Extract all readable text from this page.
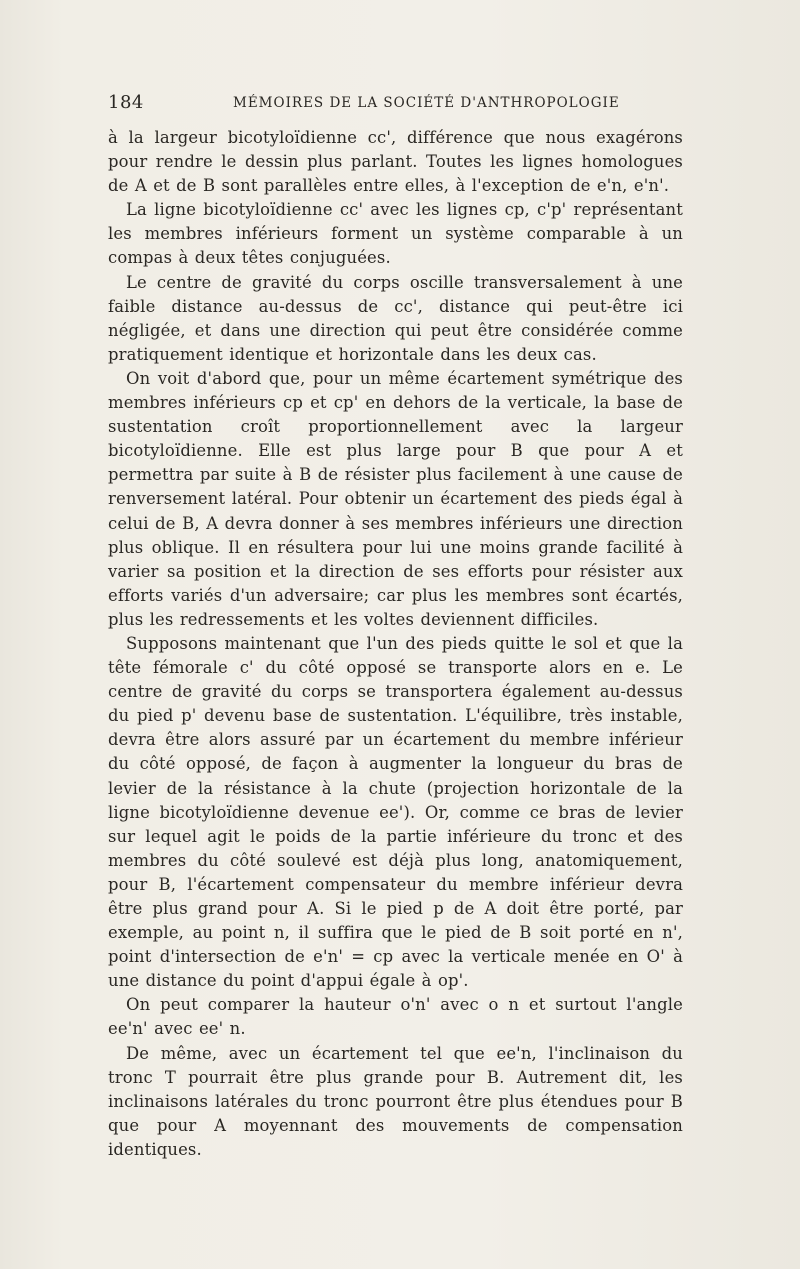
184	MÉMOIRES DE LA SOCIÉTÉ D'ANTHROPOLOGIE

à la largeur bicotyloïdienne cc', différence que nous exagérons pour rendre le dessin plus parlant. Toutes les lignes homologues de A et de B sont parallèles entre elles, à l'exception de e'n, e'n'.

La ligne bicotyloïdienne cc' avec les lignes cp, c'p' représentant les membres inférieurs forment un système comparable à un compas à deux têtes conjuguées.

Le centre de gravité du corps oscille transversalement à une faible distance au-dessus de cc', distance qui peut-être ici négligée, et dans une direction qui peut être considérée comme pratiquement identique et horizontale dans les deux cas.

On voit d'abord que, pour un même écartement symétrique des membres inférieurs cp et cp' en dehors de la verticale, la base de sustentation croît proportionnellement avec la largeur bicotyloïdienne. Elle est plus large pour B que pour A et permettra par suite à B de résister plus facilement à une cause de renversement latéral. Pour obtenir un écartement des pieds égal à celui de B, A devra donner à ses membres inférieurs une direction plus oblique. Il en résultera pour lui une moins grande facilité à varier sa position et la direction de ses efforts pour résister aux efforts variés d'un adversaire; car plus les membres sont écartés, plus les redressements et les voltes deviennent difficiles.

Supposons maintenant que l'un des pieds quitte le sol et que la tête fémorale c' du côté opposé se transporte alors en e. Le centre de gravité du corps se transportera également au-dessus du pied p' devenu base de sustentation. L'équilibre, très instable, devra être alors assuré par un écartement du membre inférieur du côté opposé, de façon à augmenter la longueur du bras de levier de la résistance à la chute (projection horizontale de la ligne bicotyloïdienne devenue ee'). Or, comme ce bras de levier sur lequel agit le poids de la partie inférieure du tronc et des membres du côté soulevé est déjà plus long, anatomiquement, pour B, l'écartement compensateur du membre inférieur devra être plus grand pour A. Si le pied p de A doit être porté, par exemple, au point n, il suffira que le pied de B soit porté en n', point d'intersection de e'n' = cp avec la verticale menée en O' à une distance du point d'appui égale à op'.

On peut comparer la hauteur o'n' avec o n et surtout l'angle ee'n' avec ee' n.

De même, avec un écartement tel que ee'n, l'inclinaison du tronc T pourrait être plus grande pour B. Autrement dit, les inclinaisons latérales du tronc pourront être plus étendues pour B que pour A moyennant des mouvements de compensation identiques.
